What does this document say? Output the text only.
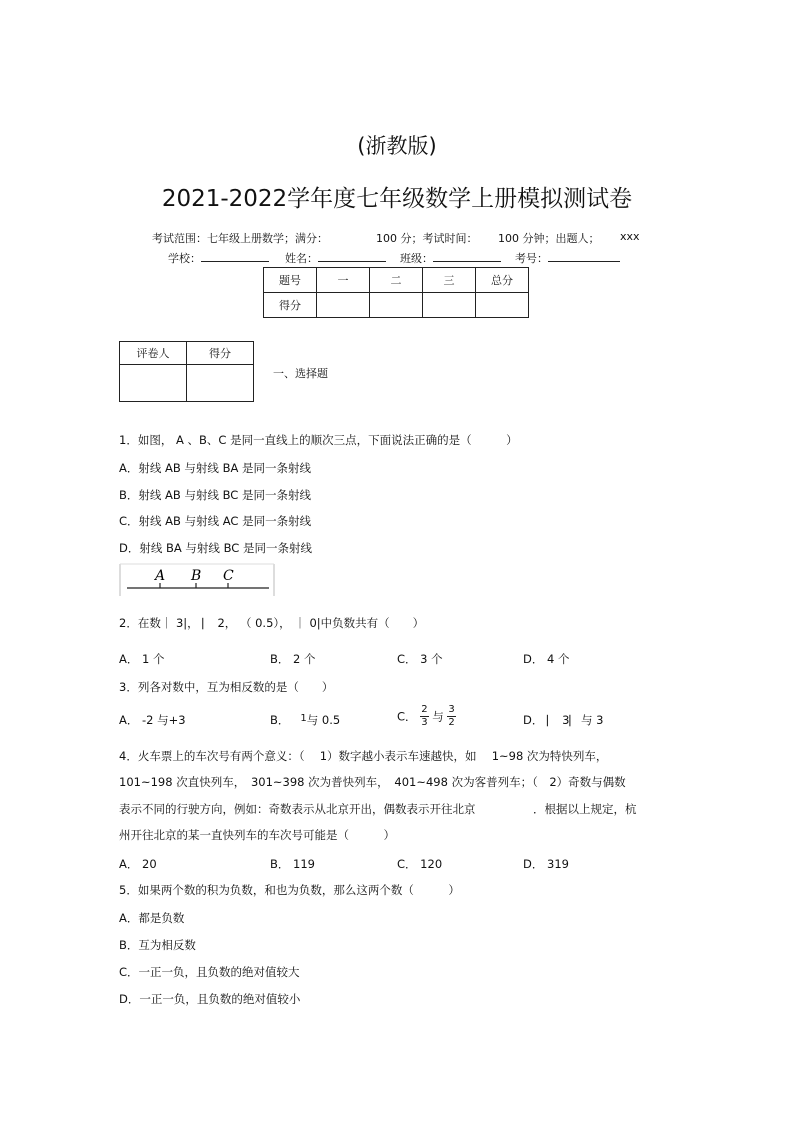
(浙教版)
2021-2022学年度七年级数学上册模拟测试卷
考试范围：七年级上册数学；满分：	100 分；考试时间： 100 分钟；出题人； xxx
学校：	姓名：	班级：	考号：
题号	一	二	三	总分
得分				
评卷人	得分

一、选择题
1．如图， A 、B、C 是同一直线上的顺次三点，下面说法正确的是（　　　）
A．射线 AB 与射线 BA 是同一条射线
B．射线 AB 与射线 BC 是同一条射线
C．射线 AB 与射线 AC 是同一条射线
D．射线 BA 与射线 BC 是同一条射线
A B C
2．在数｜ 3|， ⎸ 2， （ 0.5）， ｜ 0|中负数共有（　　）
A． 1 个	B． 2 个	C． 3 个	D． 4 个
3．列各对数中，互为相反数的是（　　）
A． -2 与+3	B． 1与 0.5	C． $\frac{2}{3}$ 与 $\frac{3}{2}$	D． ⎸ 3⎸与 3
4．火车票上的车次号有两个意义：（　 1）数字越小表示车速越快，如　 1~98 次为特快列车，
101~198 次直快列车，　301~398 次为普快列车，　401~498 次为客普列车；（　2）奇数与偶数
表示不同的行驶方向，例如：奇数表示从北京开出，偶数表示开往北京　　　　　．根据以上规定，杭
州开往北京的某一直快列车的车次号可能是（　　　）
A． 20	B． 119	C． 120	D． 319
5．如果两个数的积为负数，和也为负数，那么这两个数（　　　）
A．都是负数
B．互为相反数
C．一正一负，且负数的绝对值较大
D．一正一负，且负数的绝对值较小
